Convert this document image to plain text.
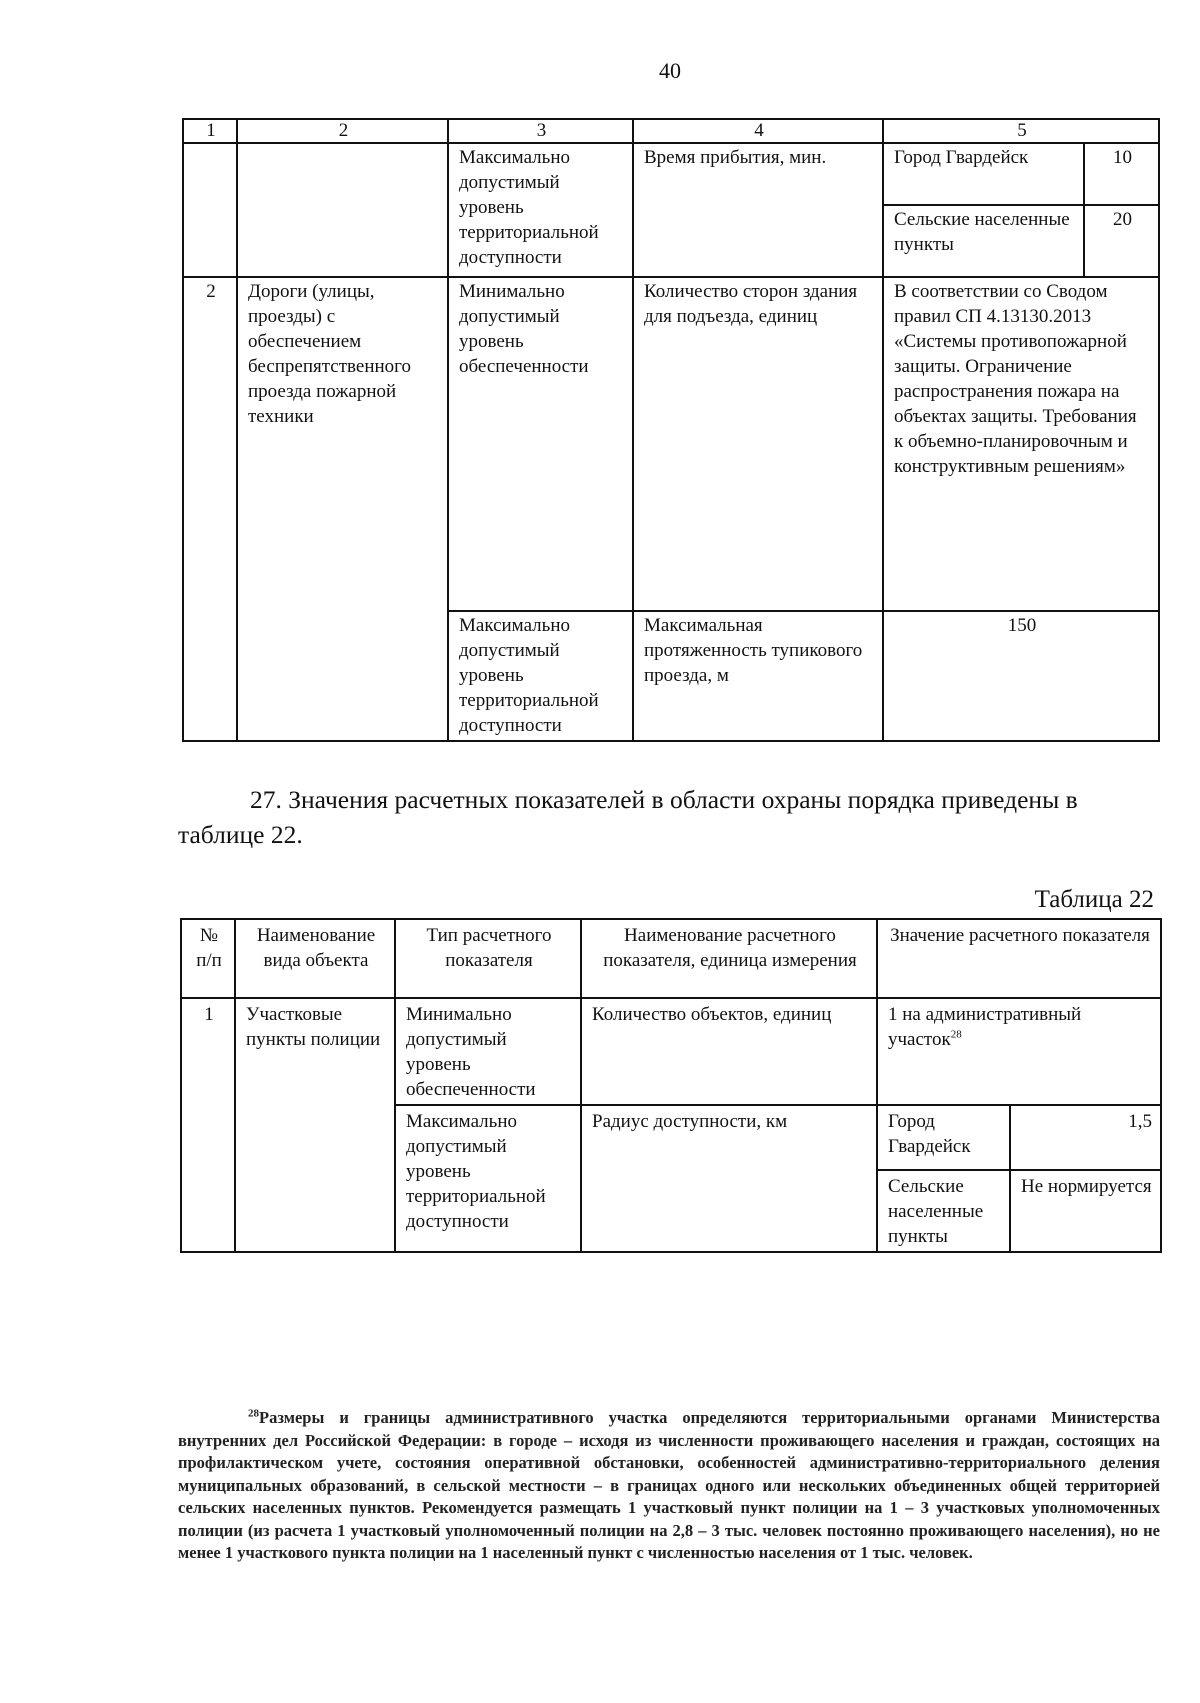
40
1	2	3	4	5	
		Максимально допустимый уровень территориальной доступности	Время прибытия, мин.	Город Гвардейск	10
				Сельские населенные пункты	20
2	Дороги (улицы, проезды) с обеспечением беспрепятственного проезда пожарной техники	Минимально допустимый уровень обеспеченности	Количество сторон здания для подъезда, единиц	В соответствии со Сводом правил СП 4.13130.2013 «Системы противопожарной защиты. Ограничение распространения пожара на объектах защиты. Требования к объемно-планировочным и конструктивным решениям»	
		Максимально допустимый уровень территориальной доступности	Максимальная протяженность тупикового проезда, м	150	
27. Значения расчетных показателей в области охраны порядка приведены в таблице 22.
Таблица 22
№ п/п	Наименование вида объекта	Тип расчетного показателя	Наименование расчетного показателя, единица измерения	Значение расчетного показателя	
1	Участковые пункты полиции	Минимально допустимый уровень обеспеченности	Количество объектов, единиц	1 на административный участок$^{28}$
		Максимально допустимый уровень территориальной доступности	Радиус доступности, км	Город Гвардейск	1,5
				Сельские населенные пункты	Не нормируется
$^{28}$Размеры и границы административного участка определяются территориальными органами Министерства внутренних дел Российской Федерации: в городе – исходя из численности проживающего населения и граждан, состоящих на профилактическом учете, состояния оперативной обстановки, особенностей административно-территориального деления муниципальных образований, в сельской местности – в границах одного или нескольких объединенных общей территорией сельских населенных пунктов. Рекомендуется размещать 1 участковый пункт полиции на 1 – 3 участковых уполномоченных полиции (из расчета 1 участковый уполномоченный полиции на 2,8 – 3 тыс. человек постоянно проживающего населения), но не менее 1 участкового пункта полиции на 1 населенный пункт с численностью населения от 1 тыс. человек.
